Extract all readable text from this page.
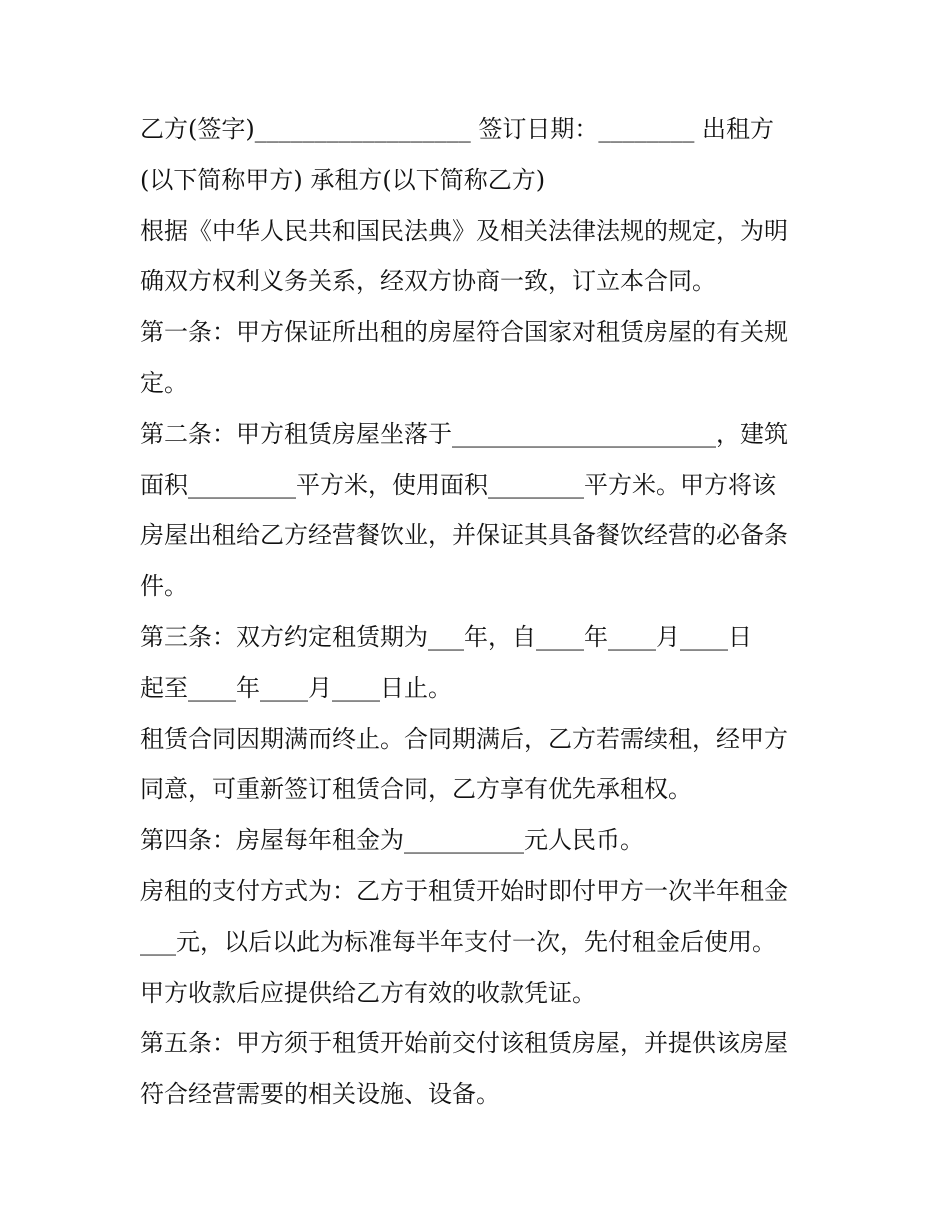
乙方(签字)__________________ 签订日期：________ 出租方
(以下简称甲方) 承租方(以下简称乙方)
根据《中华人民共和国民法典》及相关法律法规的规定，为明
确双方权利义务关系，经双方协商一致，订立本合同。
第一条：甲方保证所出租的房屋符合国家对租赁房屋的有关规
定。
第二条：甲方租赁房屋坐落于______________________，建筑
面积_________平方米，使用面积________平方米。甲方将该
房屋出租给乙方经营餐饮业，并保证其具备餐饮经营的必备条
件。
第三条：双方约定租赁期为___年，自____年____月____日
起至____年____月____日止。
租赁合同因期满而终止。合同期满后，乙方若需续租，经甲方
同意，可重新签订租赁合同，乙方享有优先承租权。
第四条：房屋每年租金为__________元人民币。
房租的支付方式为：乙方于租赁开始时即付甲方一次半年租金
___元，以后以此为标准每半年支付一次，先付租金后使用。
甲方收款后应提供给乙方有效的收款凭证。
第五条：甲方须于租赁开始前交付该租赁房屋，并提供该房屋
符合经营需要的相关设施、设备。
